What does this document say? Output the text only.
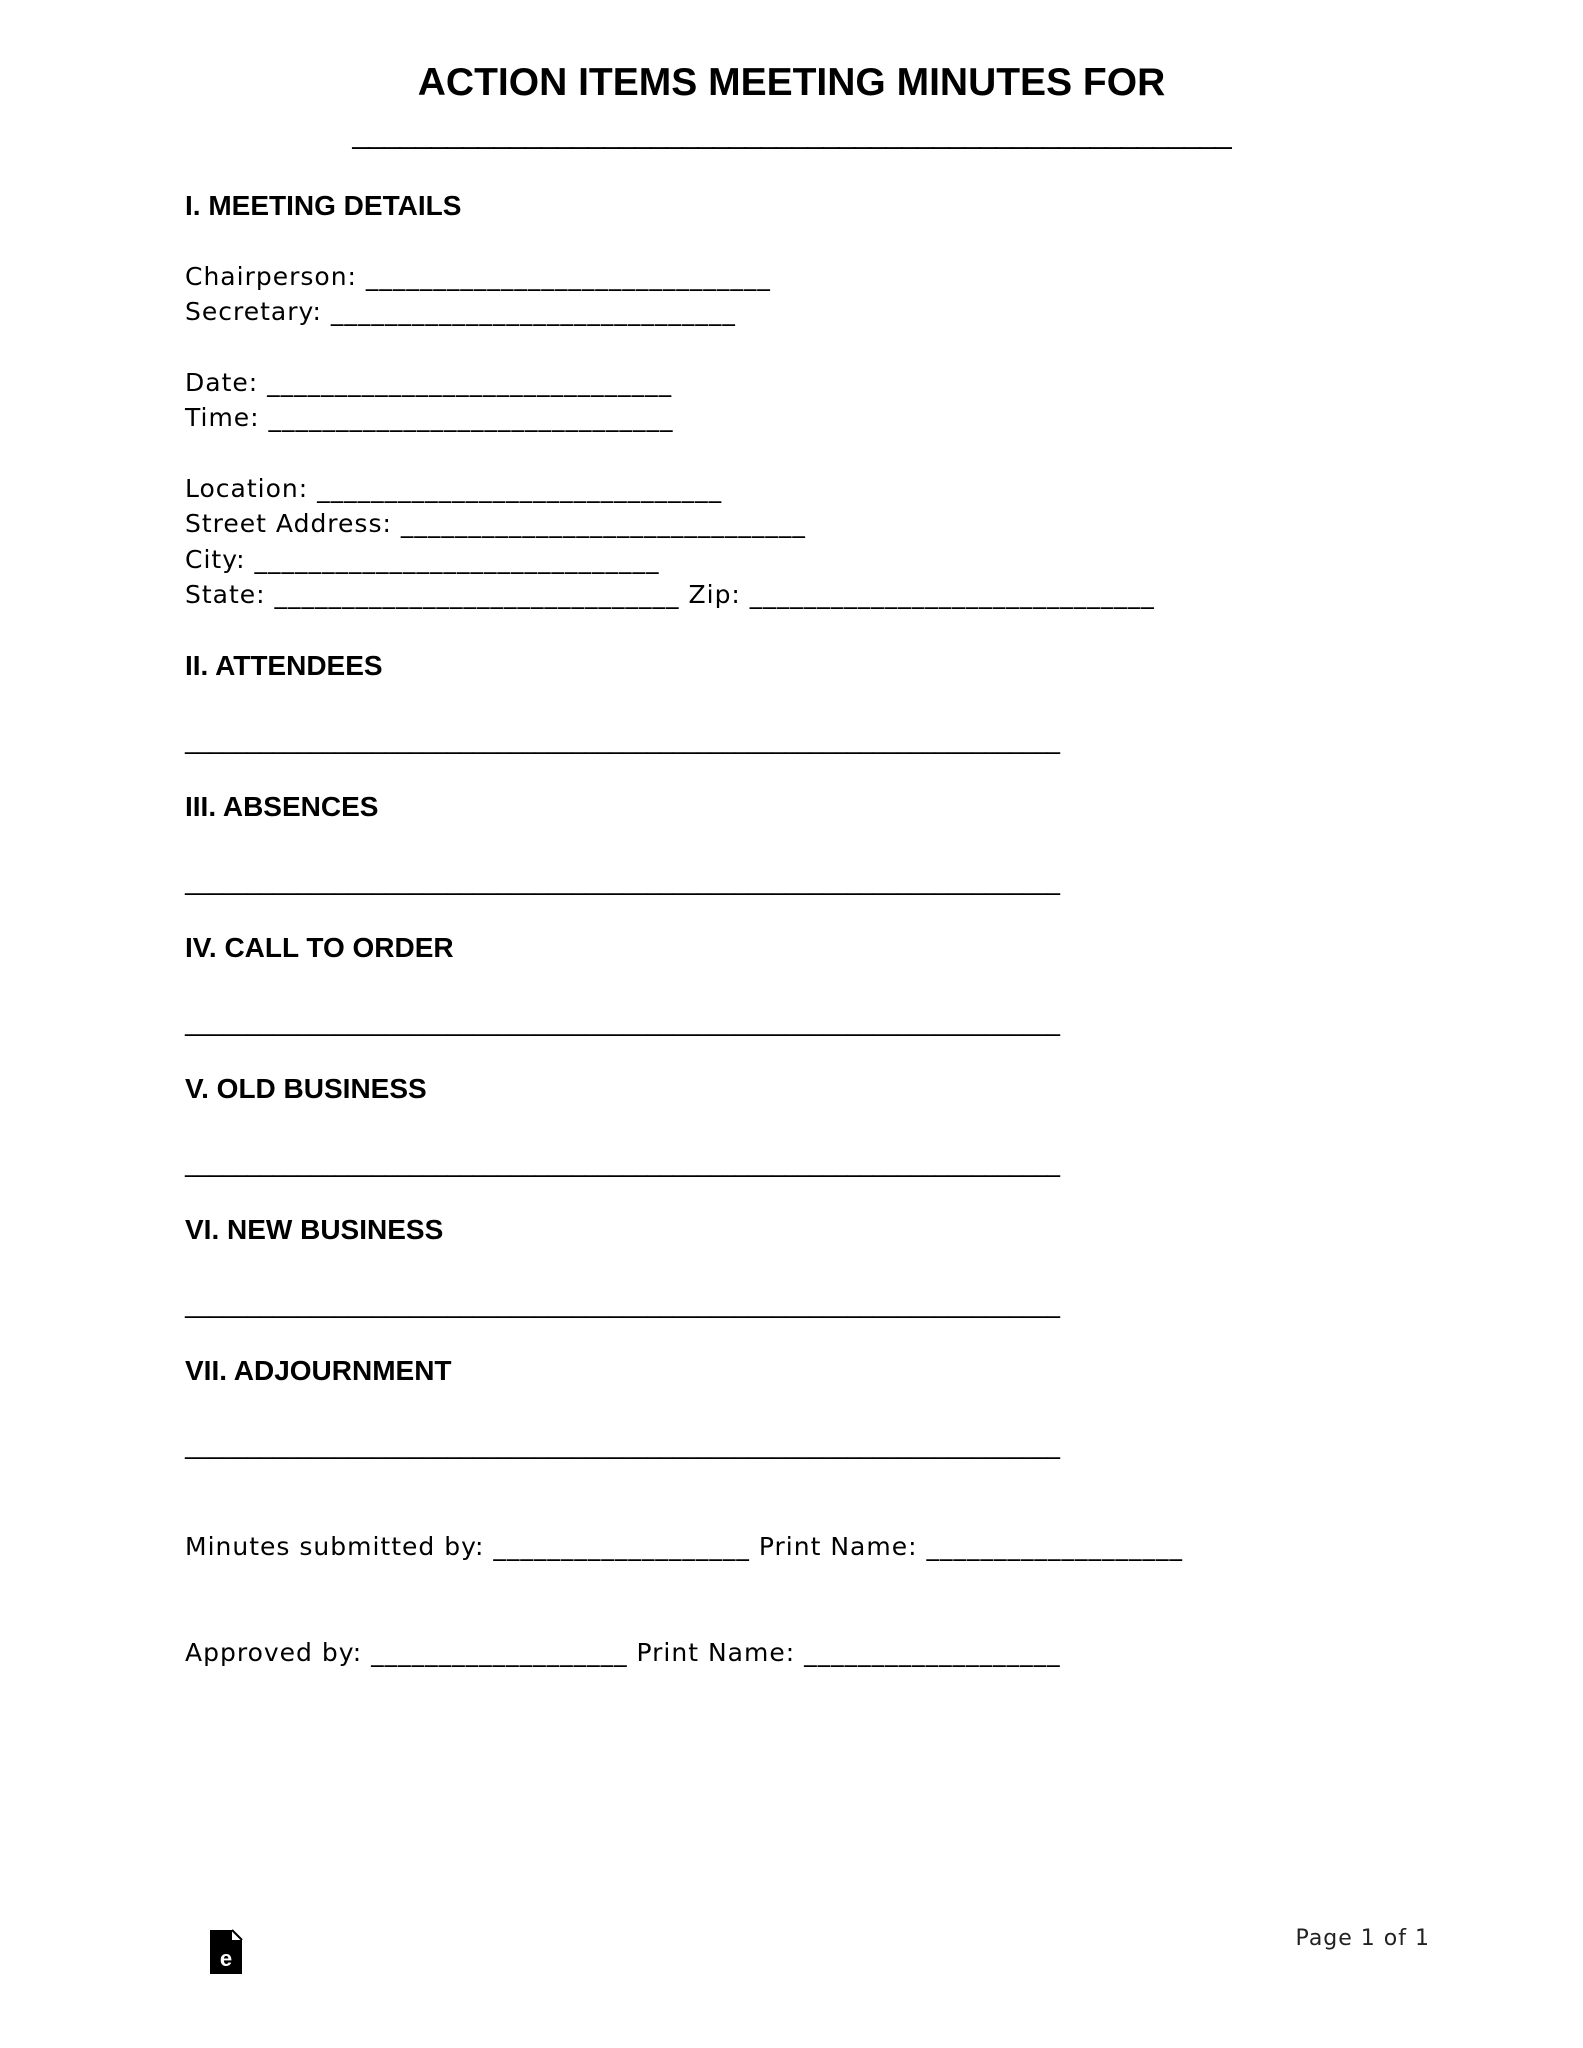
ACTION ITEMS MEETING MINUTES FOR
________________________________________________________
I. MEETING DETAILS
Chairperson: ______________________________
Secretary: ______________________________
Date: ______________________________
Time: ______________________________
Location: ______________________________
Street Address: ______________________________
City: ______________________________
State: ______________________________ Zip: ______________________________
II. ATTENDEES
______________________________________________________________________
III. ABSENCES
______________________________________________________________________
IV. CALL TO ORDER
______________________________________________________________________
V. OLD BUSINESS
______________________________________________________________________
VI. NEW BUSINESS
______________________________________________________________________
VII. ADJOURNMENT
______________________________________________________________________
Minutes submitted by: ___________________ Print Name: ___________________
Approved by: ___________________ Print Name: ___________________

e

Page 1 of 1
